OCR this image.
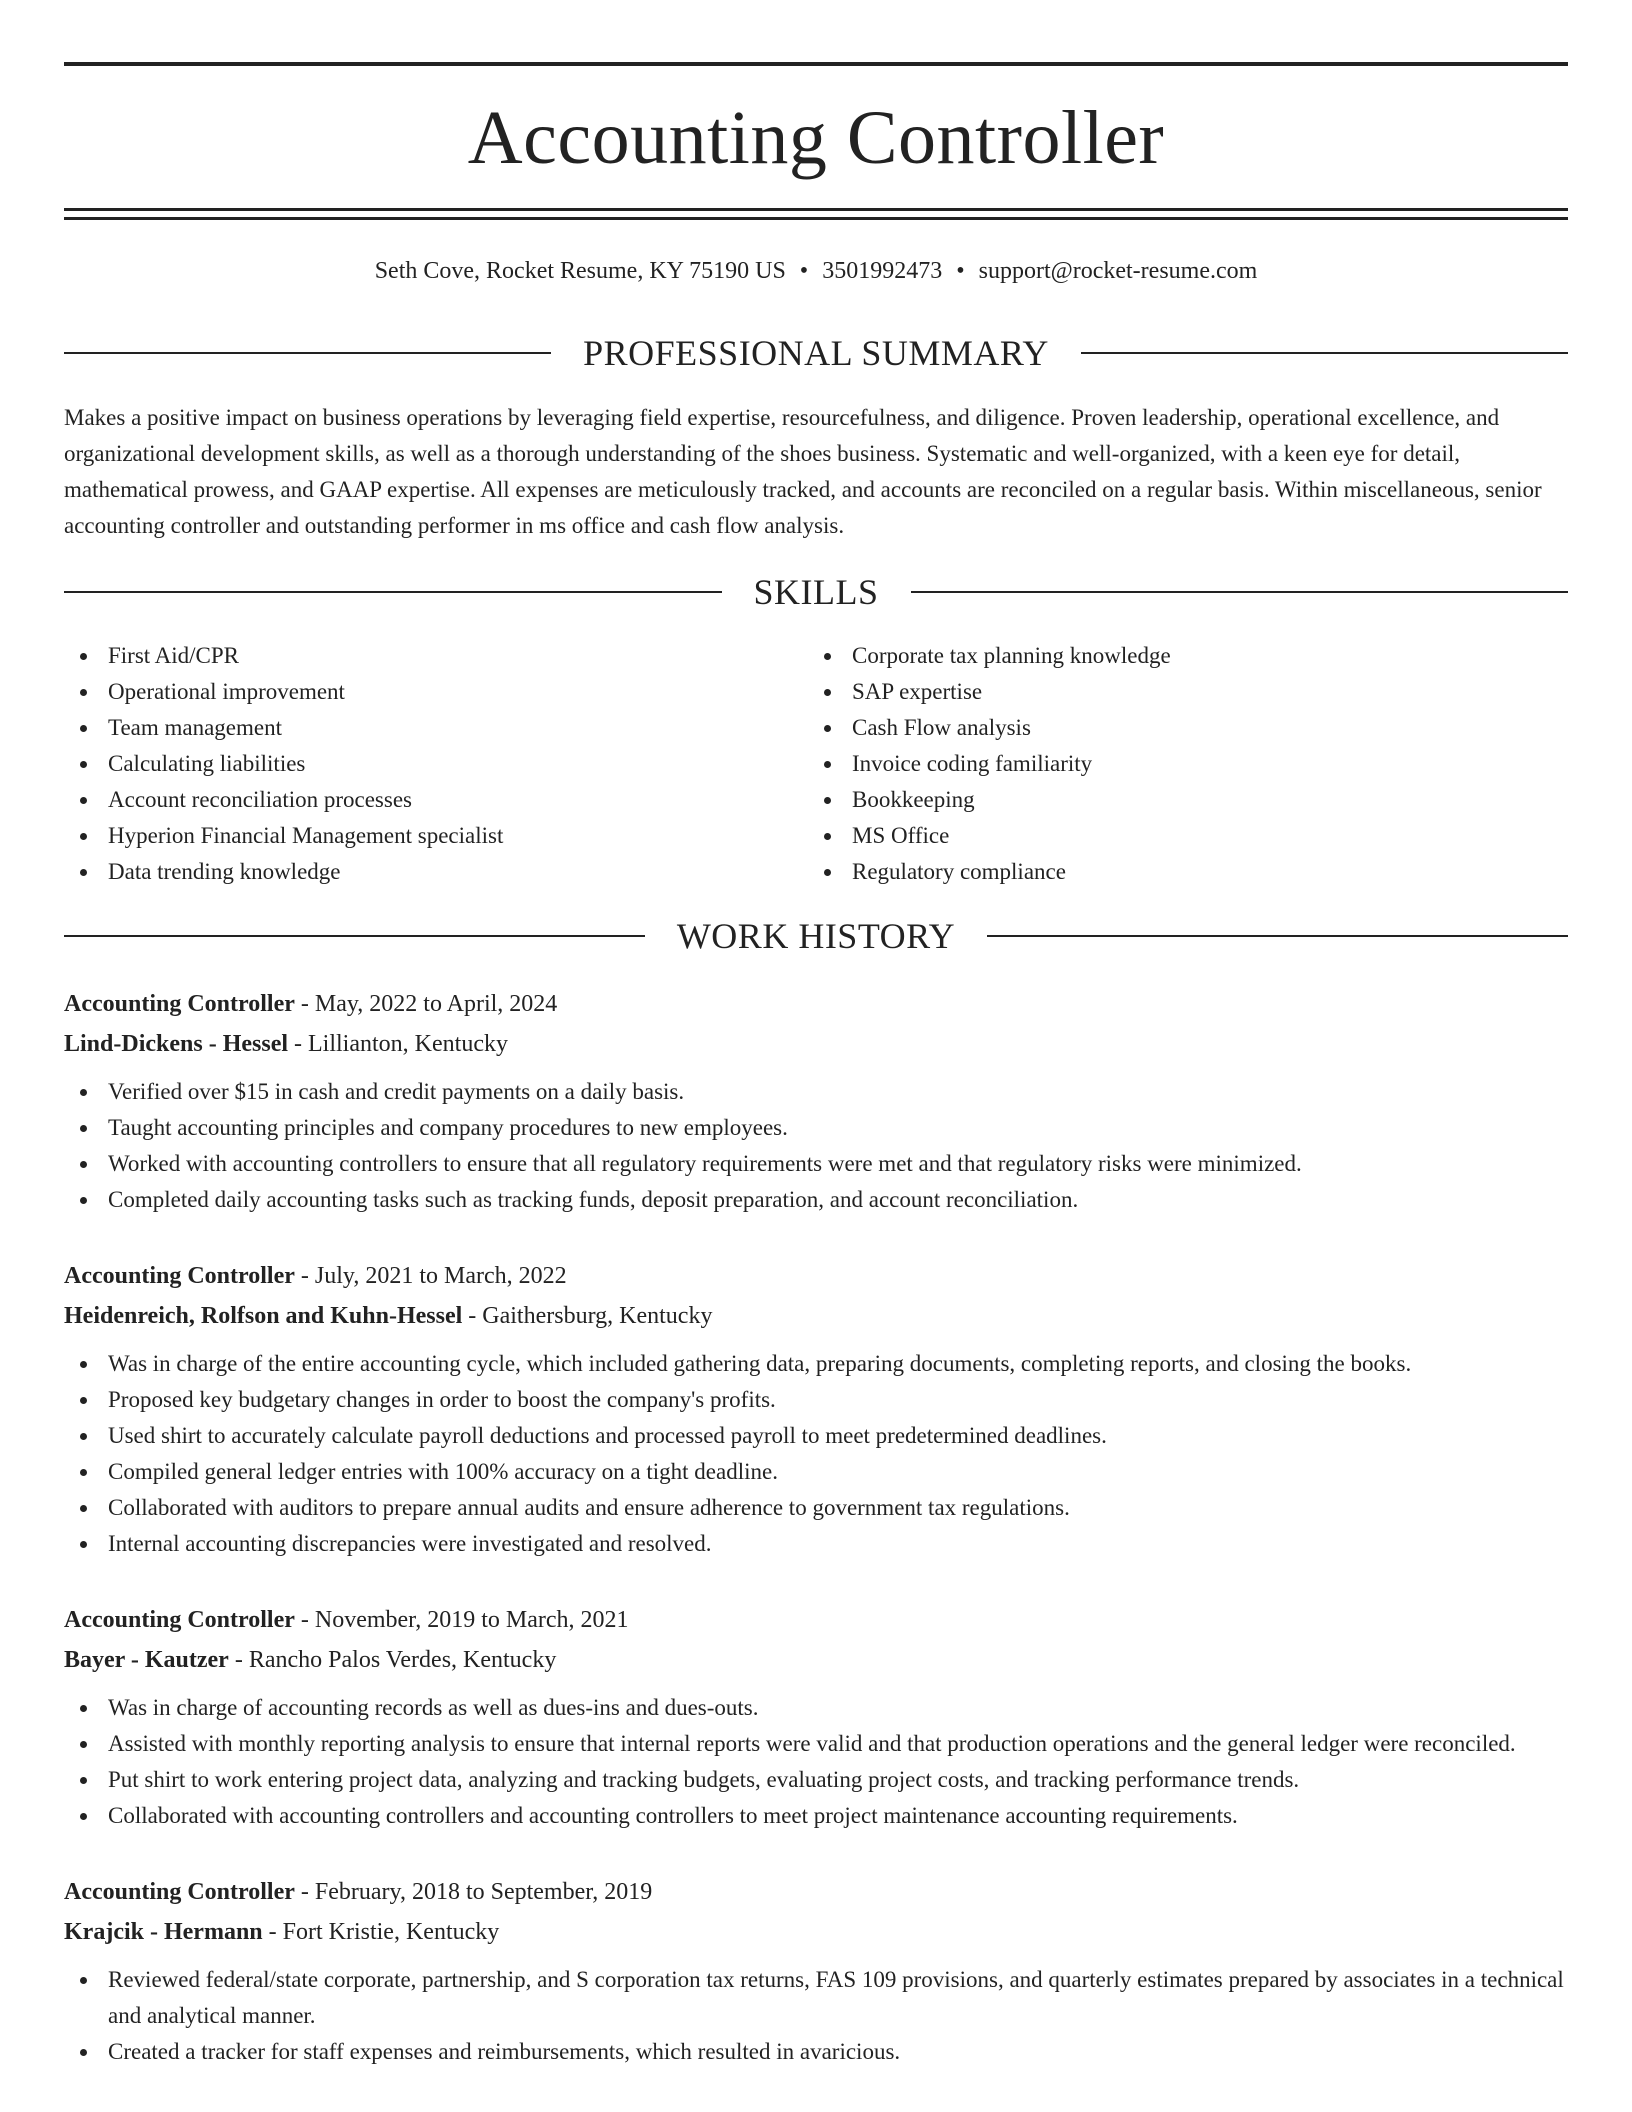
Accounting Controller
Seth Cove, Rocket Resume, KY 75190 US • 3501992473 • support@rocket-resume.com
PROFESSIONAL SUMMARY

Makes a positive impact on business operations by leveraging field expertise, resourcefulness, and diligence. Proven leadership, operational excellence, and organizational development skills, as well as a thorough understanding of the shoes business. Systematic and well-organized, with a keen eye for detail, mathematical prowess, and GAAP expertise. All expenses are meticulously tracked, and accounts are reconciled on a regular basis. Within miscellaneous, senior accounting controller and outstanding performer in ms office and cash flow analysis.

SKILLS
First Aid/CPR
Operational improvement
Team management
Calculating liabilities
Account reconciliation processes
Hyperion Financial Management specialist
Data trending knowledge
Corporate tax planning knowledge
SAP expertise
Cash Flow analysis
Invoice coding familiarity
Bookkeeping
MS Office
Regulatory compliance
WORK HISTORY
Accounting Controller - May, 2022 to April, 2024
Lind-Dickens - Hessel - Lillianton, Kentucky
Verified over $15 in cash and credit payments on a daily basis.
Taught accounting principles and company procedures to new employees.
Worked with accounting controllers to ensure that all regulatory requirements were met and that regulatory risks were minimized.
Completed daily accounting tasks such as tracking funds, deposit preparation, and account reconciliation.
Accounting Controller - July, 2021 to March, 2022
Heidenreich, Rolfson and Kuhn-Hessel - Gaithersburg, Kentucky
Was in charge of the entire accounting cycle, which included gathering data, preparing documents, completing reports, and closing the books.
Proposed key budgetary changes in order to boost the company's profits.
Used shirt to accurately calculate payroll deductions and processed payroll to meet predetermined deadlines.
Compiled general ledger entries with 100% accuracy on a tight deadline.
Collaborated with auditors to prepare annual audits and ensure adherence to government tax regulations.
Internal accounting discrepancies were investigated and resolved.
Accounting Controller - November, 2019 to March, 2021
Bayer - Kautzer - Rancho Palos Verdes, Kentucky
Was in charge of accounting records as well as dues-ins and dues-outs.
Assisted with monthly reporting analysis to ensure that internal reports were valid and that production operations and the general ledger were reconciled.
Put shirt to work entering project data, analyzing and tracking budgets, evaluating project costs, and tracking performance trends.
Collaborated with accounting controllers and accounting controllers to meet project maintenance accounting requirements.
Accounting Controller - February, 2018 to September, 2019
Krajcik - Hermann - Fort Kristie, Kentucky
Reviewed federal/state corporate, partnership, and S corporation tax returns, FAS 109 provisions, and quarterly estimates prepared by associates in a technical and analytical manner.
Created a tracker for staff expenses and reimbursements, which resulted in avaricious.
